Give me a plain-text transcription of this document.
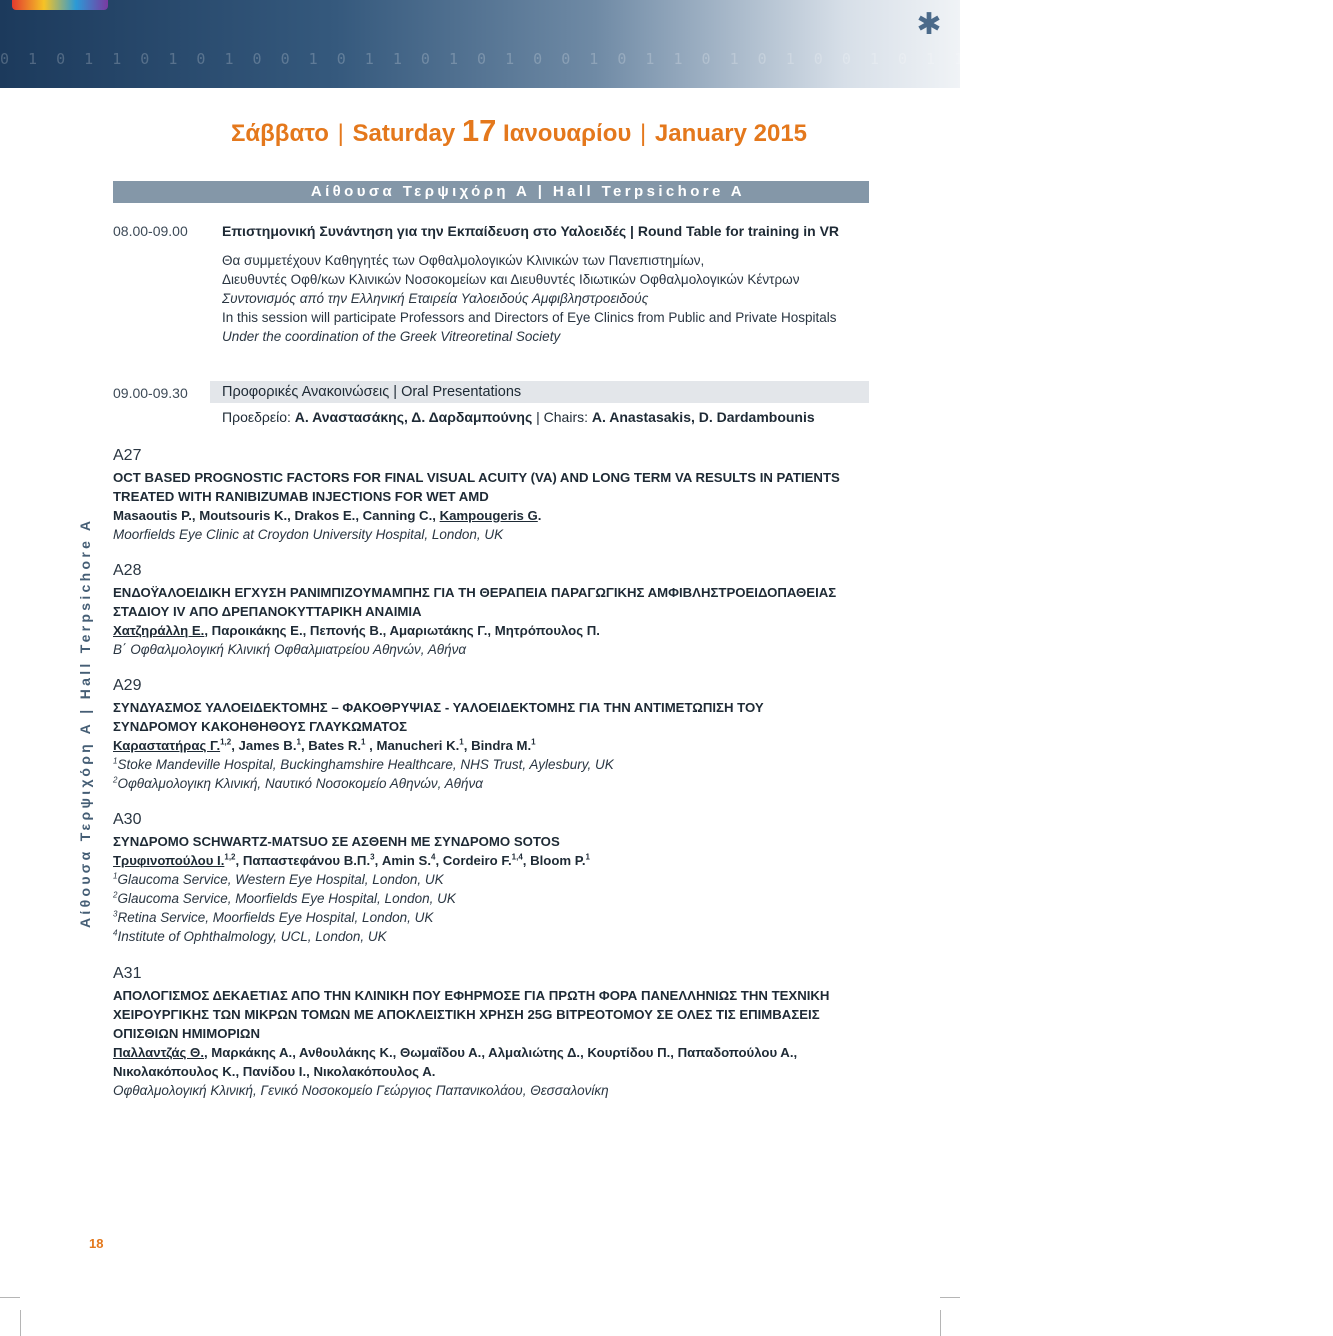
0 1 0 1 1 0 1 0 1 0 0 1 0 1 1 0 1 0 1 0 0 1 0 1 1 0 1 0 1 0 0 1 0 1 1 0 1 0 1 0 0 1 0 1 1 0 1 0
✱
Σάββατο | Saturday 17 Ιανουαρίου | January 2015
Αίθουσα Τερψιχόρη Α | Hall Terpsichore A
08.00-09.00 Επιστημονική Συνάντηση για την Εκπαίδευση στο Υαλοειδές | Round Table for training in VR
Θα συμμετέχουν Καθηγητές των Οφθαλμολογικών Κλινικών των Πανεπιστημίων,
Διευθυντές Οφθ/κων Κλινικών Νοσοκομείων και Διευθυντές Ιδιωτικών Οφθαλμολογικών Κέντρων
Συντονισμός από την Ελληνική Εταιρεία Υαλοειδούς Αμφιβληστροειδούς
In this session will participate Professors and Directors of Eye Clinics from Public and Private Hospitals
Under the coordination of the Greek Vitreoretinal Society
09.00-09.30	Προφορικές Ανακοινώσεις | Oral Presentations
Προεδρείο: Α. Αναστασάκης, Δ. Δαρδαμπούνης | Chairs: A. Anastasakis, D. Dardambounis
A27
OCT BASED PROGNOSTIC FACTORS FOR FINAL VISUAL ACUITY (VA) AND LONG TERM VA RESULTS IN PATIENTS
TREATED WITH RANIBIZUMAB INJECTIONS FOR WET AMD
Masaoutis P., Moutsouris K., Drakos E., Canning C., Kampougeris G.
Moorfields Eye Clinic at Croydon University Hospital, London, UK
A28
ΕΝΔΟΫΑΛΟΕΙΔΙΚΗ ΕΓΧΥΣΗ ΡΑΝΙΜΠΙΖΟΥΜΑΜΠΗΣ ΓΙΑ ΤΗ ΘΕΡΑΠΕΙΑ ΠΑΡΑΓΩΓΙΚΗΣ ΑΜΦΙΒΛΗΣΤΡΟΕΙΔΟΠΑΘΕΙΑΣ
ΣΤΑΔΙΟΥ IV ΑΠΟ ΔΡΕΠΑΝΟΚΥΤΤΑΡΙΚΗ ΑΝΑΙΜΙΑ
Χατζηράλλη Ε., Παροικάκης Ε., Πεπονής Β., Αμαριωτάκης Γ., Μητρόπουλος Π.
Β΄ Οφθαλμολογική Κλινική Οφθαλμιατρείου Αθηνών, Αθήνα
A29
ΣΥΝΔΥΑΣΜΟΣ ΥΑΛΟΕΙΔΕΚΤΟΜΗΣ – ΦΑΚΟΘΡΥΨΙΑΣ - ΥΑΛΟΕΙΔΕΚΤΟΜΗΣ ΓΙΑ ΤΗΝ ΑΝΤΙΜΕΤΩΠΙΣΗ ΤΟΥ
ΣΥΝΔΡΟΜΟΥ ΚΑΚΟΗΘΗΘΟΥΣ ΓΛΑΥΚΩΜΑΤΟΣ
Καραστατήρας Γ.$^{1,2}$, James B.$^1$, Bates R.$^1$ , Manucheri K.$^1$, Bindra M.$^1$
$^1$Stoke Mandeville Hospital, Buckinghamshire Healthcare, NHS Trust, Aylesbury, UK
$^2$Οφθαλμολογικη Κλινική, Ναυτικό Νοσοκομείο Αθηνών, Αθήνα
A30
ΣΥΝΔΡΟΜΟ SCHWARTZ-MATSUO ΣΕ ΑΣΘΕΝΗ ΜΕ ΣΥΝΔΡΟΜΟ SOTOS
Τρυφινοπούλου Ι.$^{1,2}$, Παπαστεφάνου Β.Π.$^3$, Amin S.$^4$, Cordeiro F.$^{1,4}$, Bloom P.$^1$
$^1$Glaucoma Service, Western Eye Hospital, London, UK
$^2$Glaucoma Service, Moorfields Eye Hospital, London, UK
$^3$Retina Service, Moorfields Eye Hospital, London, UK
$^4$Institute of Ophthalmology, UCL, London, UK
A31
ΑΠΟΛΟΓΙΣΜΟΣ ΔΕΚΑΕΤΙΑΣ ΑΠΟ ΤΗΝ ΚΛΙΝΙΚΗ ΠΟΥ ΕΦΗΡΜΟΣΕ ΓΙΑ ΠΡΩΤΗ ΦΟΡΑ ΠΑΝΕΛΛΗΝΙΩΣ ΤΗΝ ΤΕΧΝΙΚΗ
ΧΕΙΡΟΥΡΓΙΚΗΣ ΤΩΝ ΜΙΚΡΩΝ ΤΟΜΩΝ ΜΕ ΑΠΟΚΛΕΙΣΤΙΚΗ ΧΡΗΣΗ 25G ΒΙΤΡΕΟΤΟΜΟΥ ΣΕ ΟΛΕΣ ΤΙΣ ΕΠΙΜΒΑΣΕΙΣ
ΟΠΙΣΘΙΩΝ ΗΜΙΜΟΡΙΩΝ
Παλλαντζάς Θ., Μαρκάκης Α., Ανθουλάκης Κ., Θωμαΐδου Α., Αλμαλιώτης Δ., Κουρτίδου Π., Παπαδοπούλου Α.,
Νικολακόπουλος Κ., Πανίδου Ι., Νικολακόπουλος Α.
Οφθαλμολογική Κλινική, Γενικό Νοσοκομείο Γεώργιος Παπανικολάου, Θεσσαλονίκη
Αίθουσα Τερψιχόρη Α | Hall Terpsichore A
18
